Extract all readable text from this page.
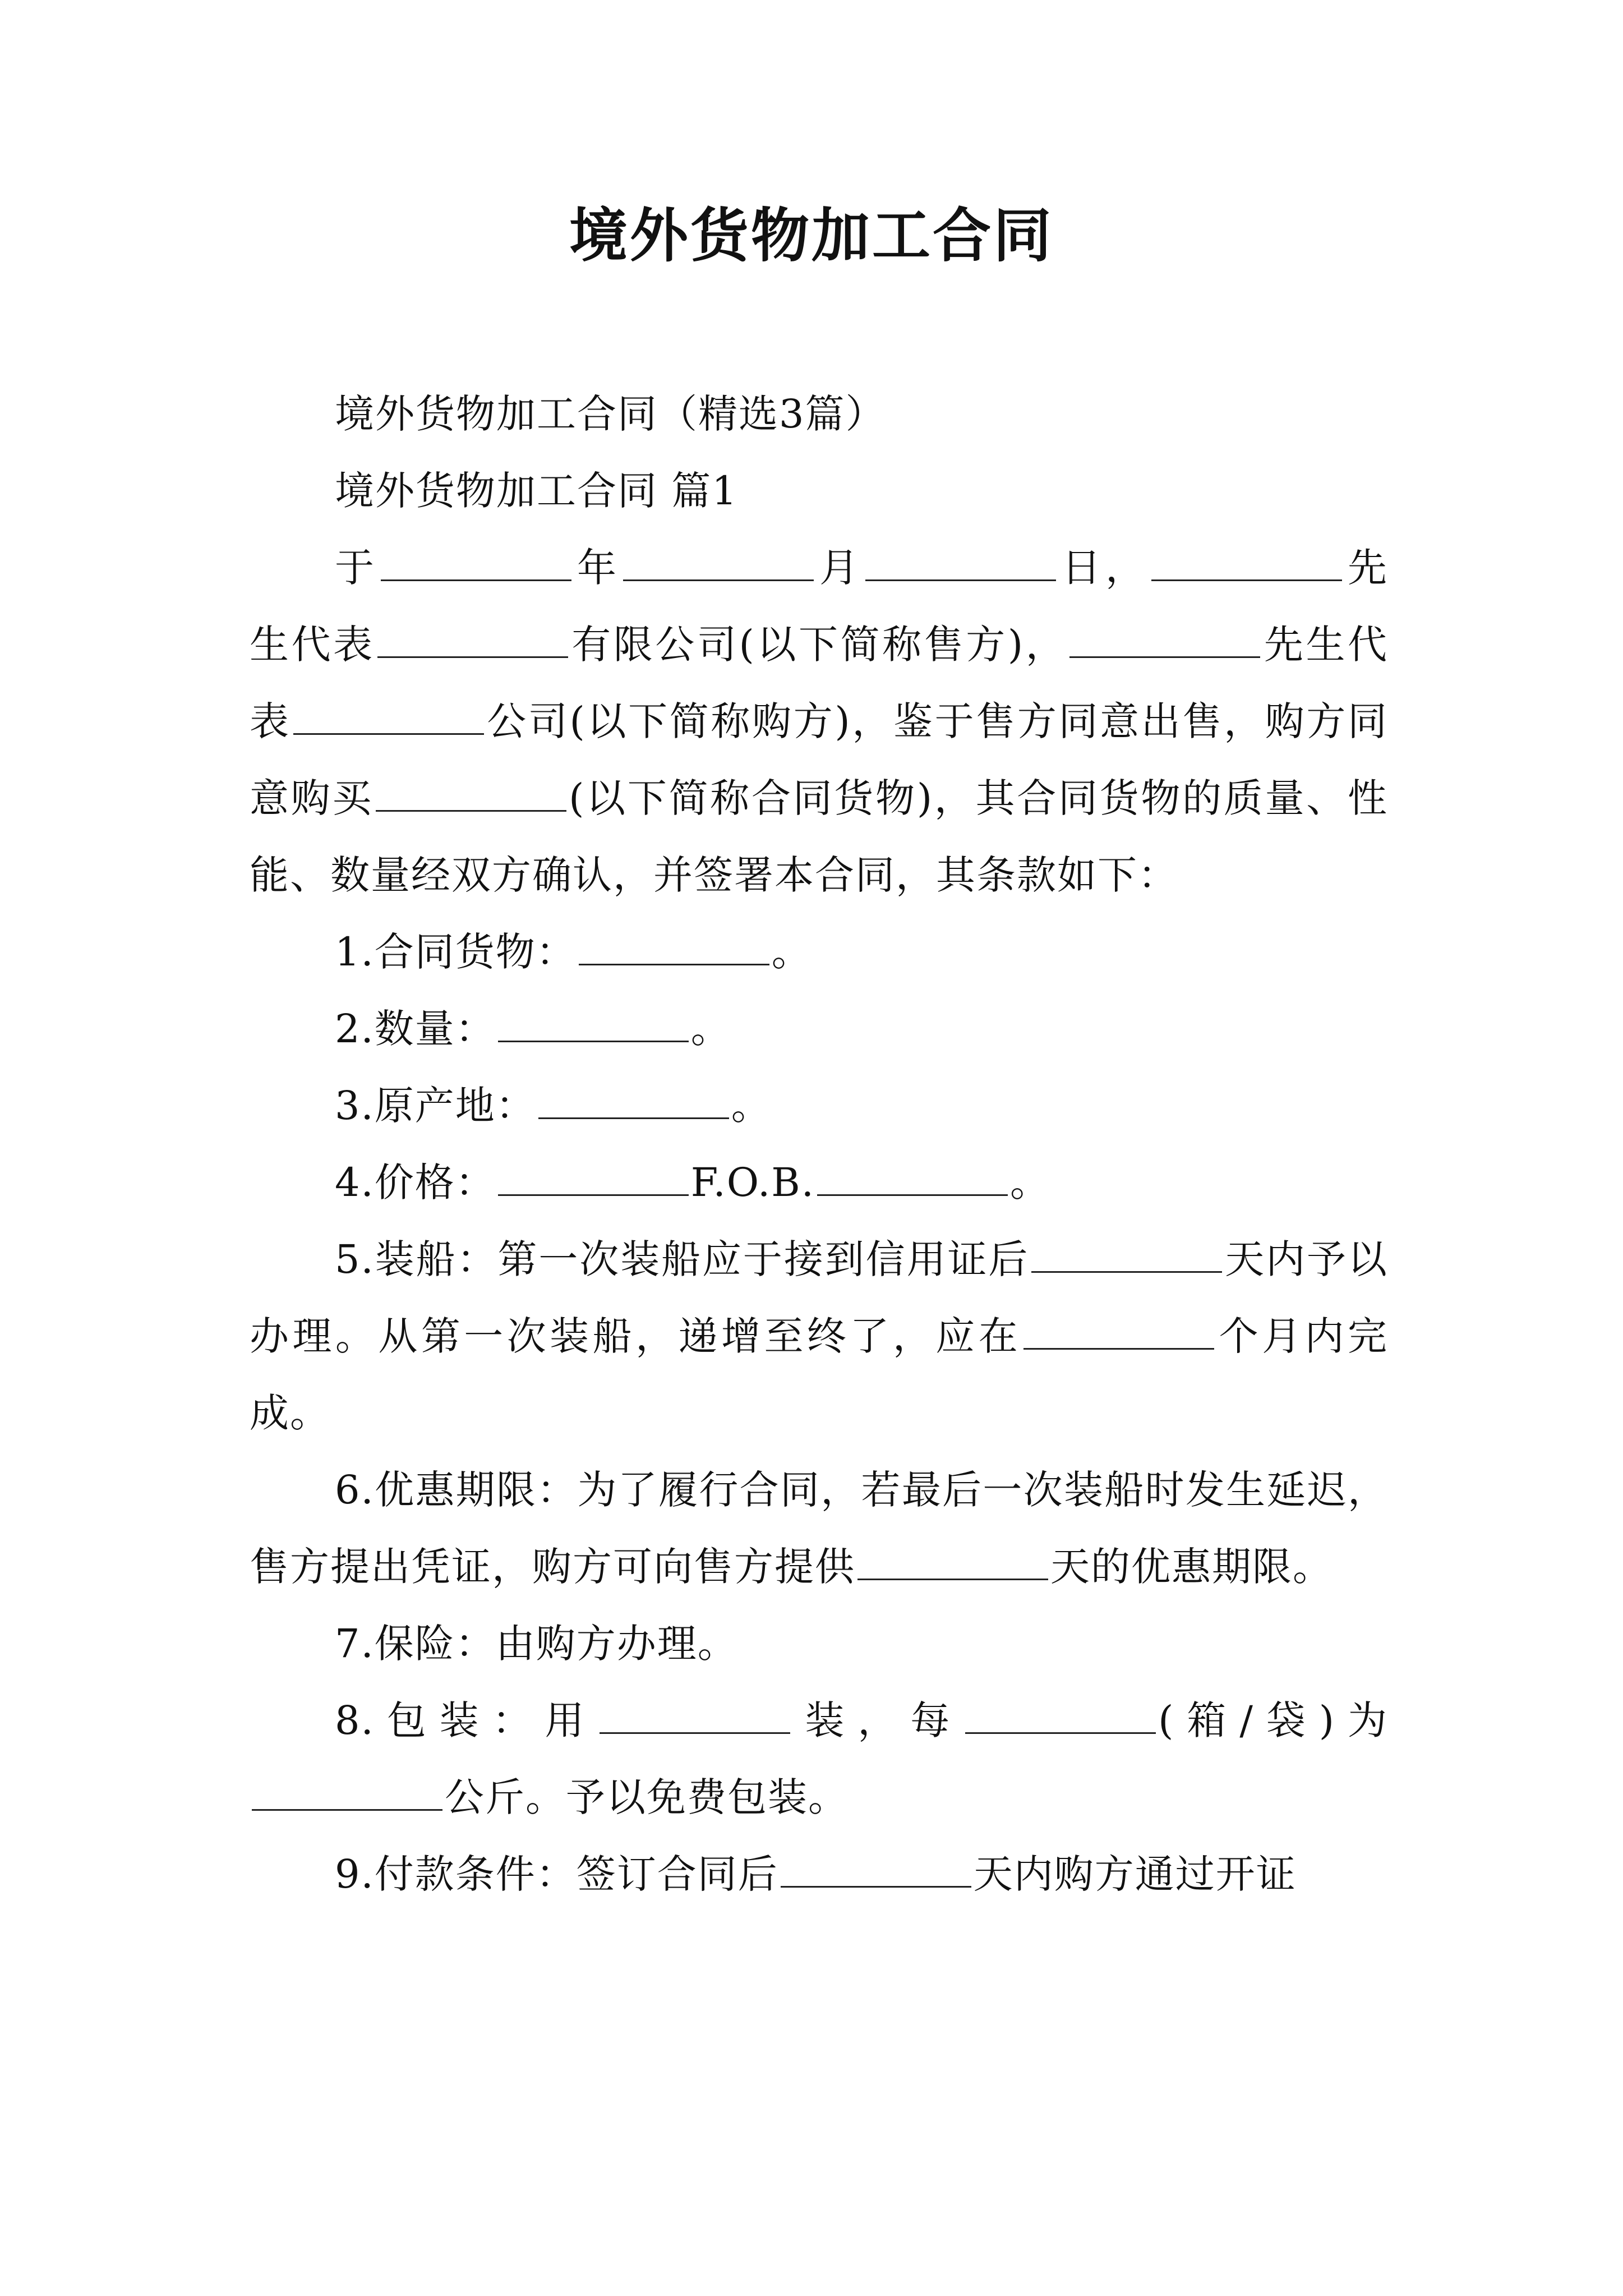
境外货物加工合同

境外货物加工合同（精选3篇）

境外货物加工合同 篇1

于	年	月	日，	先生代表	有限公司(以下简称售方)，	先生代表	公司(以下简称购方)，鉴于售方同意出售，购方同意购买	(以下简称合同货物)，其合同货物的质量、性能、数量经双方确认，并签署本合同，其条款如下：

1.合同货物：	。

2.数量：	。

3.原产地：	。

4.价格：	F.O.B.	。

5.装船：第一次装船应于接到信用证后	天内予以办理。从第一次装船，递增至终了，应在	个月内完成。

6.优惠期限：为了履行合同，若最后一次装船时发生延迟，售方提出凭证，购方可向售方提供	天的优惠期限。

7.保险：由购方办理。

8.包装：用	装，每	(箱/袋)为公斤。予以免费包装。

9.付款条件：签订合同后	天内购方通过开证
